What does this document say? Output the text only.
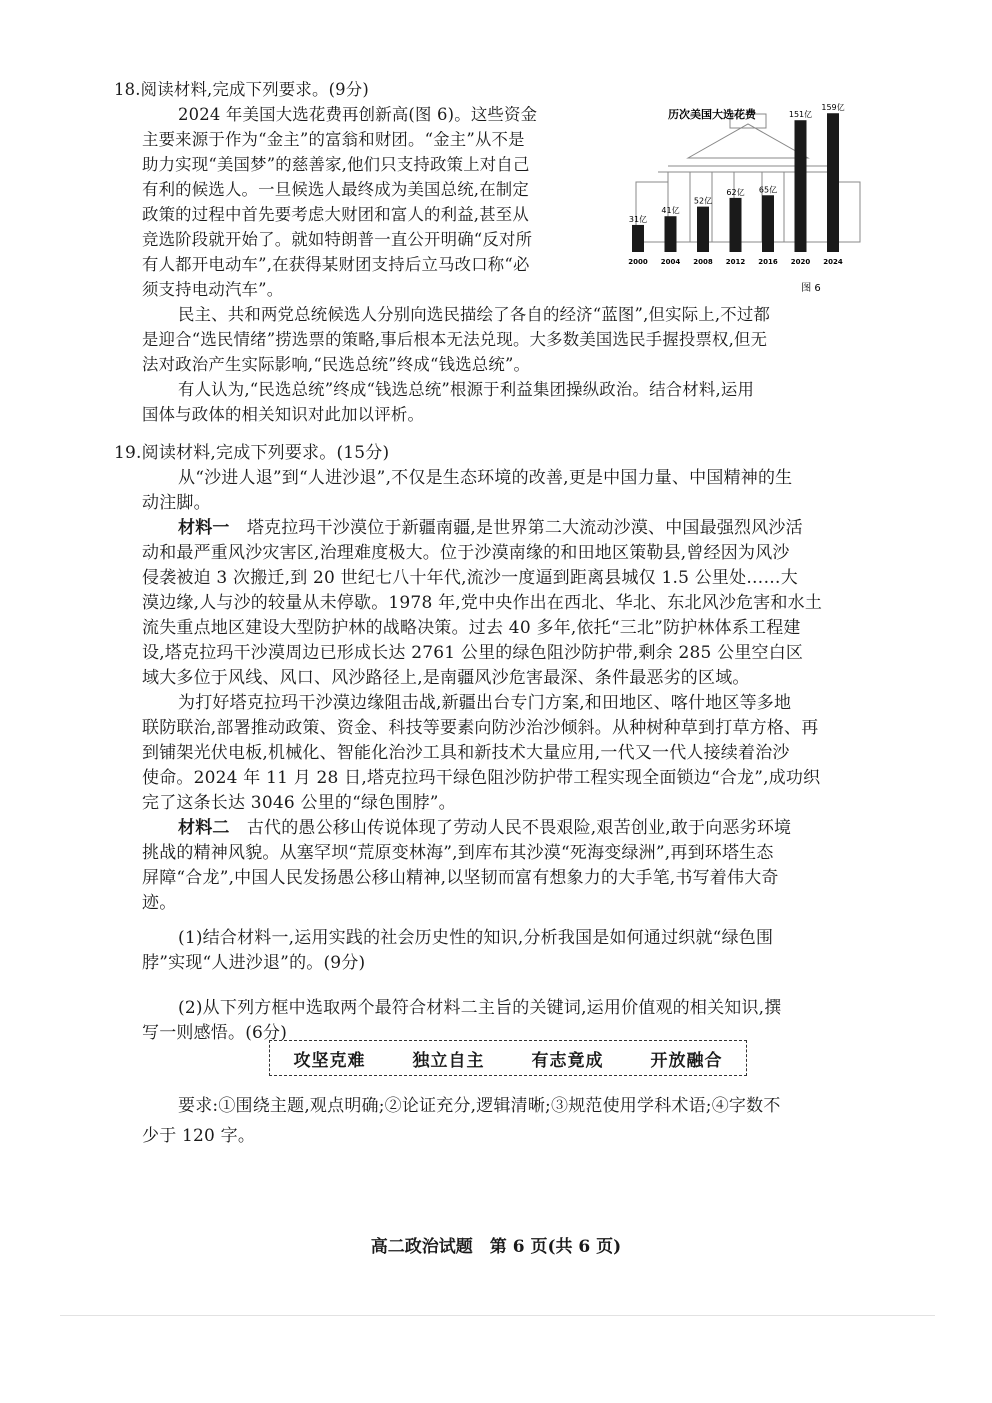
18.阅读材料,完成下列要求。(9分)
2024 年美国大选花费再创新高(图 6)。这些资金
主要来源于作为“金主”的富翁和财团。“金主”从不是
助力实现“美国梦”的慈善家,他们只支持政策上对自己
有利的候选人。一旦候选人最终成为美国总统,在制定
政策的过程中首先要考虑大财团和富人的利益,甚至从
竞选阶段就开始了。就如特朗普一直公开明确“反对所
有人都开电动车”,在获得某财团支持后立马改口称“必
须支持电动汽车”。
民主、共和两党总统候选人分别向选民描绘了各自的经济“蓝图”,但实际上,不过都
是迎合“选民情绪”捞选票的策略,事后根本无法兑现。大多数美国选民手握投票权,但无
法对政治产生实际影响,“民选总统”终成“钱选总统”。
有人认为,“民选总统”终成“钱选总统”根源于利益集团操纵政治。结合材料,运用
国体与政体的相关知识对此加以评析。
历次美国大选花费
31亿
41亿
52亿
62亿 65亿
151亿
159亿
2000 2004 2008 2012 2016 2020 2024
图 6
19.阅读材料,完成下列要求。(15分)
从“沙进人退”到“人进沙退”,不仅是生态环境的改善,更是中国力量、中国精神的生
动注脚。
材料一　 塔克拉玛干沙漠位于新疆南疆,是世界第二大流动沙漠、中国最强烈风沙活
动和最严重风沙灾害区,治理难度极大。位于沙漠南缘的和田地区策勒县,曾经因为风沙
侵袭被迫 3 次搬迁,到 20 世纪七八十年代,流沙一度逼到距离县城仅 1.5 公里处……大
漠边缘,人与沙的较量从未停歇。1978 年,党中央作出在西北、华北、东北风沙危害和水土
流失重点地区建设大型防护林的战略决策。过去 40 多年,依托“三北”防护林体系工程建
设,塔克拉玛干沙漠周边已形成长达 2761 公里的绿色阻沙防护带,剩余 285 公里空白区
域大多位于风线、风口、风沙路径上,是南疆风沙危害最深、条件最恶劣的区域。
为打好塔克拉玛干沙漠边缘阻击战,新疆出台专门方案,和田地区、喀什地区等多地
联防联治,部署推动政策、资金、科技等要素向防沙治沙倾斜。从种树种草到打草方格、再
到铺架光伏电板,机械化、智能化治沙工具和新技术大量应用,一代又一代人接续着治沙
使命。2024 年 11 月 28 日,塔克拉玛干绿色阻沙防护带工程实现全面锁边“合龙”,成功织
完了这条长达 3046 公里的“绿色围脖”。
材料二　 古代的愚公移山传说体现了劳动人民不畏艰险,艰苦创业,敢于向恶劣环境
挑战的精神风貌。从塞罕坝“荒原变林海”,到库布其沙漠“死海变绿洲”,再到环塔生态
屏障“合龙”,中国人民发扬愚公移山精神,以坚韧而富有想象力的大手笔,书写着伟大奇
迹。
(1)结合材料一,运用实践的社会历史性的知识,分析我国是如何通过织就“绿色围
脖”实现“人进沙退”的。(9分)
(2)从下列方框中选取两个最符合材料二主旨的关键词,运用价值观的相关知识,撰
写一则感悟。(6分)
攻坚克难	独立自主	有志竟成	开放融合
要求:①围绕主题,观点明确;②论证充分,逻辑清晰;③规范使用学科术语;④字数不
少于 120 字。
高二政治试题　第 6 页(共 6 页)
